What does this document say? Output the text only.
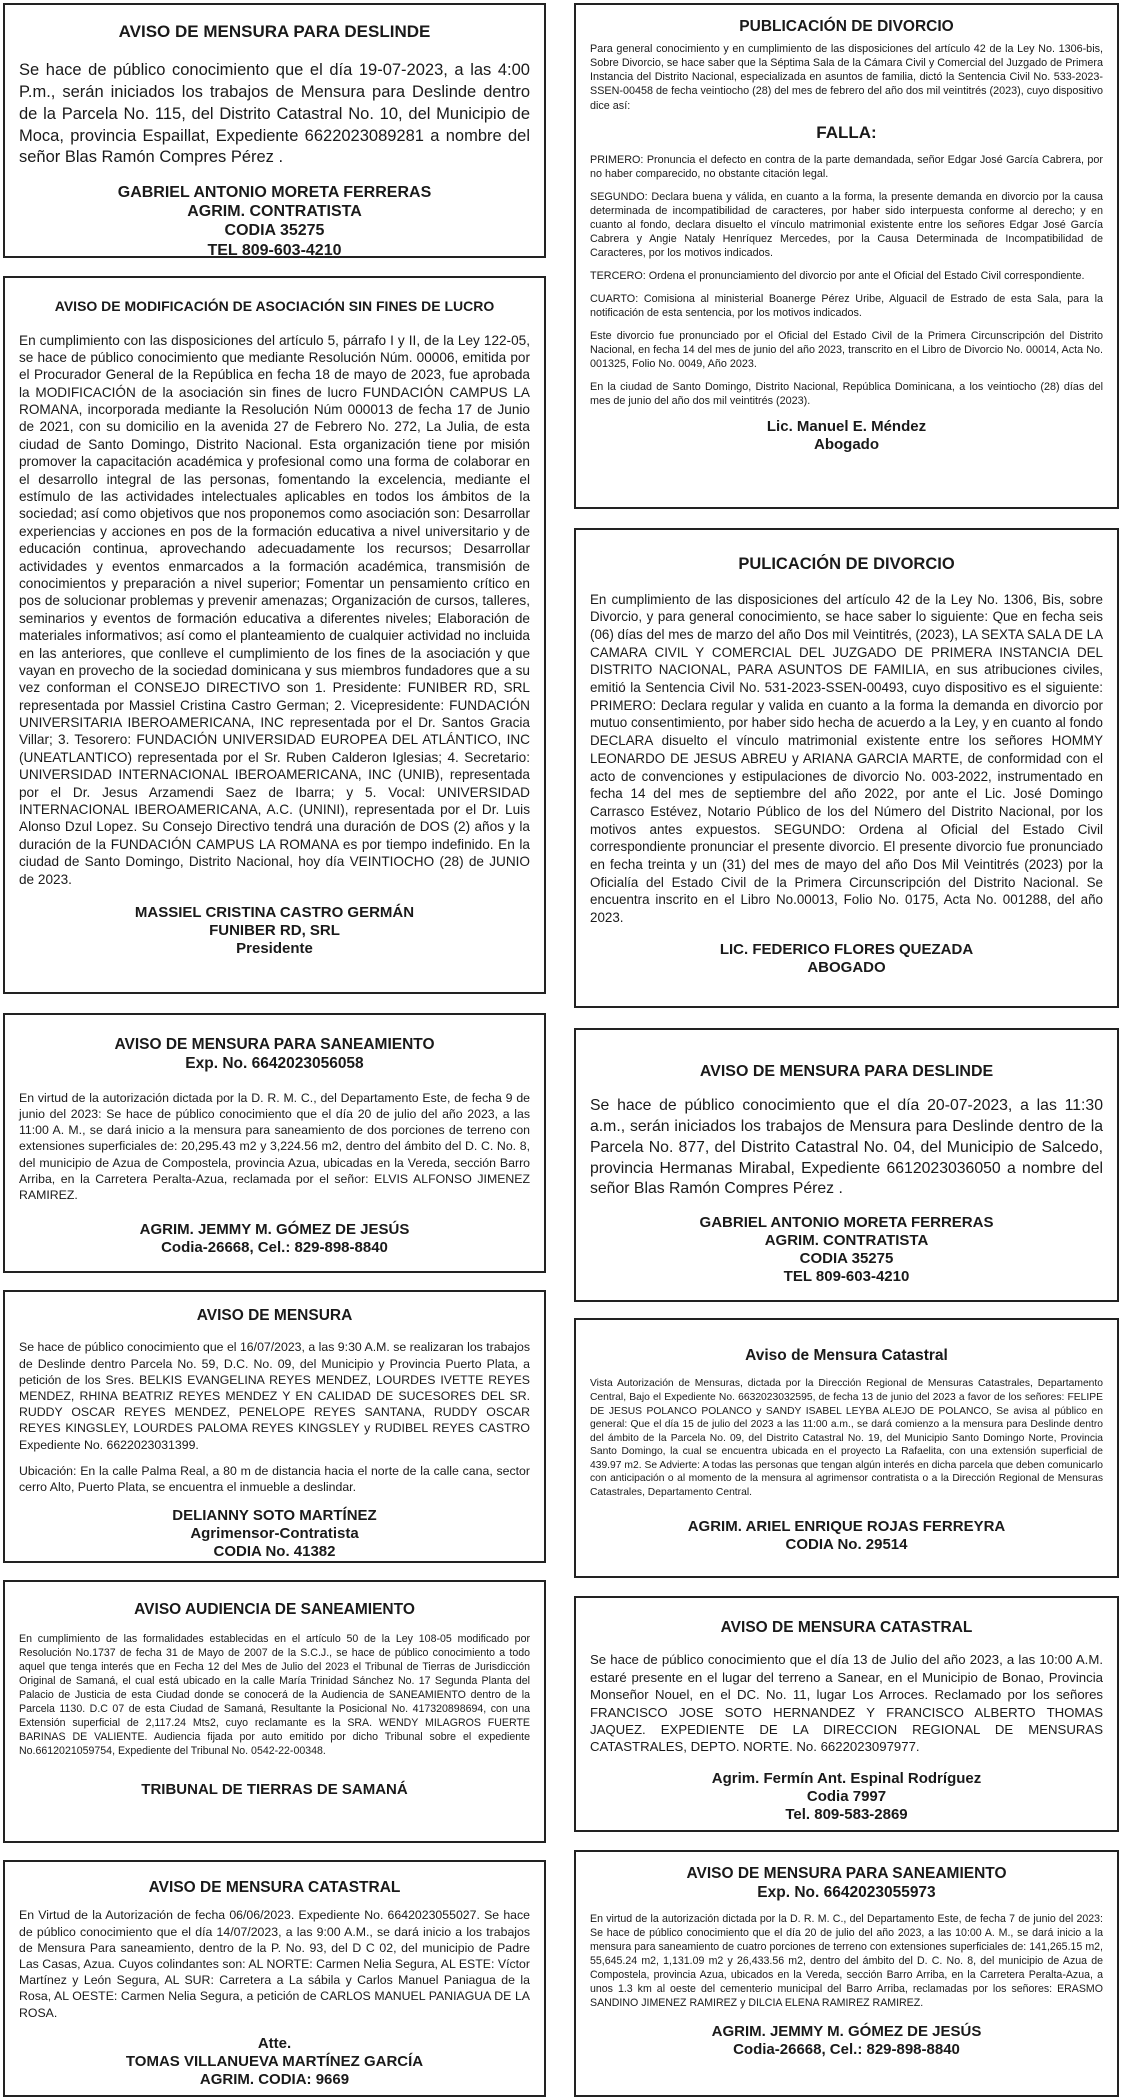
AVISO DE MENSURA PARA DESLINDE

Se hace de público conocimiento que el día 19-07-2023, a las 4:00 P.m., serán iniciados los trabajos de Mensura para Deslinde dentro de la Parcela No. 115, del Distrito Catastral No. 10, del Municipio de Moca, provincia Espaillat, Expediente 6622023089281 a nombre del señor Blas Ramón Compres Pérez .

GABRIEL ANTONIO MORETA FERRERAS
AGRIM. CONTRATISTA
CODIA 35275
TEL 809-603-4210
AVISO DE MODIFICACIÓN DE ASOCIACIÓN SIN FINES DE LUCRO

En cumplimiento con las disposiciones del artículo 5, párrafo I y II, de la Ley 122-05, se hace de público conocimiento que mediante Resolución Núm. 00006, emitida por el Procurador General de la República en fecha 18 de mayo de 2023, fue aprobada la MODIFICACIÓN de la asociación sin fines de lucro FUNDACIÓN CAMPUS LA ROMANA, incorporada mediante la Resolución Núm 000013 de fecha 17 de Junio de 2021, con su domicilio en la avenida 27 de Febrero No. 272, La Julia, de esta ciudad de Santo Domingo, Distrito Nacional. Esta organización tiene por misión promover la capacitación académica y profesional como una forma de colaborar en el desarrollo integral de las personas, fomentando la excelencia, mediante el estímulo de las actividades intelectuales aplicables en todos los ámbitos de la sociedad; así como objetivos que nos proponemos como asociación son: Desarrollar experiencias y acciones en pos de la formación educativa a nivel universitario y de educación continua, aprovechando adecuadamente los recursos; Desarrollar actividades y eventos enmarcados a la formación académica, transmisión de conocimientos y preparación a nivel superior; Fomentar un pensamiento crítico en pos de solucionar problemas y prevenir amenazas; Organización de cursos, talleres, seminarios y eventos de formación educativa a diferentes niveles; Elaboración de materiales informativos; así como el planteamiento de cualquier actividad no incluida en las anteriores, que conlleve el cumplimiento de los fines de la asociación y que vayan en provecho de la sociedad dominicana y sus miembros fundadores que a su vez conforman el CONSEJO DIRECTIVO son 1. Presidente: FUNIBER RD, SRL representada por Massiel Cristina Castro German; 2. Vicepresidente: FUNDACIÓN UNIVERSITARIA IBEROAMERICANA, INC representada por el Dr. Santos Gracia Villar; 3. Tesorero: FUNDACIÓN UNIVERSIDAD EUROPEA DEL ATLÁNTICO, INC (UNEATLANTICO) representada por el Sr. Ruben Calderon Iglesias; 4. Secretario: UNIVERSIDAD INTERNACIONAL IBEROAMERICANA, INC (UNIB), representada por el Dr. Jesus Arzamendi Saez de Ibarra; y 5. Vocal: UNIVERSIDAD INTERNACIONAL IBEROAMERICANA, A.C. (UNINI), representada por el Dr. Luis Alonso Dzul Lopez. Su Consejo Directivo tendrá una duración de DOS (2) años y la duración de la FUNDACIÓN CAMPUS LA ROMANA es por tiempo indefinido. En la ciudad de Santo Domingo, Distrito Nacional, hoy día VEINTIOCHO (28) de JUNIO de 2023.

MASSIEL CRISTINA CASTRO GERMÁN
FUNIBER RD, SRL
Presidente
AVISO DE MENSURA PARA SANEAMIENTO
Exp. No. 6642023056058

En virtud de la autorización dictada por la D. R. M. C., del Departamento Este, de fecha 9 de junio del 2023: Se hace de público conocimiento que el día 20 de julio del año 2023, a las 11:00 A. M., se dará inicio a la mensura para saneamiento de dos porciones de terreno con extensiones superficiales de: 20,295.43 m2 y 3,224.56 m2, dentro del ámbito del D. C. No. 8, del municipio de Azua de Compostela, provincia Azua, ubicadas en la Vereda, sección Barro Arriba, en la Carretera Peralta-Azua, reclamada por el señor: ELVIS ALFONSO JIMENEZ RAMIREZ.

AGRIM. JEMMY M. GÓMEZ DE JESÚS
Codia-26668, Cel.: 829-898-8840
AVISO DE MENSURA

Se hace de público conocimiento que el 16/07/2023, a las 9:30 A.M. se realizaran los trabajos de Deslinde dentro Parcela No. 59, D.C. No. 09, del Municipio y Provincia Puerto Plata, a petición de los Sres. BELKIS EVANGELINA REYES MENDEZ, LOURDES IVETTE REYES MENDEZ, RHINA BEATRIZ REYES MENDEZ Y EN CALIDAD DE SUCESORES DEL SR. RUDDY OSCAR REYES MENDEZ, PENELOPE REYES SANTANA, RUDDY OSCAR REYES KINGSLEY, LOURDES PALOMA REYES KINGSLEY y RUDIBEL REYES CASTRO Expediente No. 6622023031399.

Ubicación: En la calle Palma Real, a 80 m de distancia hacia el norte de la calle cana, sector cerro Alto, Puerto Plata, se encuentra el inmueble a deslindar.

DELIANNY SOTO MARTÍNEZ
Agrimensor-Contratista
CODIA No. 41382
AVISO AUDIENCIA DE SANEAMIENTO

En cumplimiento de las formalidades establecidas en el artículo 50 de la Ley 108-05 modificado por Resolución No.1737 de fecha 31 de Mayo de 2007 de la S.C.J., se hace de público conocimiento a todo aquel que tenga interés que en Fecha 12 del Mes de Julio del 2023 el Tribunal de Tierras de Jurisdicción Original de Samaná, el cual está ubicado en la calle María Trinidad Sánchez No. 17 Segunda Planta del Palacio de Justicia de esta Ciudad donde se conocerá de la Audiencia de SANEAMIENTO dentro de la Parcela 1130. D.C 07 de esta Ciudad de Samaná, Resultante la Posicional No. 4173208986​94, con una Extensión superficial de 2,117.24 Mts2, cuyo reclamante es la SRA. WENDY MILAGROS FUERTE BARINAS DE VALIENTE. Audiencia fijada por auto emitido por dicho Tribunal sobre el expediente No.6612021059754, Expediente del Tribunal No. 0542-22-00348.

TRIBUNAL DE TIERRAS DE SAMANÁ
AVISO DE MENSURA CATASTRAL

En Virtud de la Autorización de fecha 06/06/2023. Expediente No. 6642023055027. Se hace de público conocimiento que el día 14/07/2023, a las 9:00 A.M., se dará inicio a los trabajos de Mensura Para saneamiento, dentro de la P. No. 93, del D C 02, del municipio de Padre Las Casas, Azua. Cuyos colindantes son: AL NORTE: Carmen Nelia Segura, AL ESTE: Víctor Martínez y León Segura, AL SUR: Carretera a La sábila y Carlos Manuel Paniagua de la Rosa, AL OESTE: Carmen Nelia Segura, a petición de CARLOS MANUEL PANIAGUA DE LA ROSA.

Atte.
TOMAS VILLANUEVA MARTÍNEZ GARCÍA
AGRIM. CODIA: 9669
PUBLICACIÓN DE DIVORCIO

Para general conocimiento y en cumplimiento de las disposiciones del artículo 42 de la Ley No. 1306-bis, Sobre Divorcio, se hace saber que la Séptima Sala de la Cámara Civil y Comercial del Juzgado de Primera Instancia del Distrito Nacional, especializada en asuntos de familia, dictó la Sentencia Civil No. 533-2023-SSEN-00458 de fecha veintiocho (28) del mes de febrero del año dos mil veintitrés (2023), cuyo dispositivo dice así:

FALLA:

PRIMERO: Pronuncia el defecto en contra de la parte demandada, señor Edgar José García Cabrera, por no haber comparecido, no obstante citación legal.

SEGUNDO: Declara buena y válida, en cuanto a la forma, la presente demanda en divorcio por la causa determinada de incompatibilidad de caracteres, por haber sido interpuesta conforme al derecho; y en cuanto al fondo, declara disuelto el vínculo matrimonial existente entre los señores Edgar José García Cabrera y Angie Nataly Henríquez Mercedes, por la Causa Determinada de Incompatibilidad de Caracteres, por los motivos indicados.

TERCERO: Ordena el pronunciamiento del divorcio por ante el Oficial del Estado Civil correspondiente.

CUARTO: Comisiona al ministerial Boanerge Pérez Uribe, Alguacil de Estrado de esta Sala, para la notificación de esta sentencia, por los motivos indicados.

Este divorcio fue pronunciado por el Oficial del Estado Civil de la Primera Circunscripción del Distrito Nacional, en fecha 14 del mes de junio del año 2023, transcrito en el Libro de Divorcio No. 00014, Acta No. 001325, Folio No. 0049, Año 2023.

En la ciudad de Santo Domingo, Distrito Nacional, República Dominicana, a los veintiocho (28) días del mes de junio del año dos mil veintitrés (2023).

Lic. Manuel E. Méndez
Abogado
PULICACIÓN DE DIVORCIO

En cumplimiento de las disposiciones del artículo 42 de la Ley No. 1306, Bis, sobre Divorcio, y para general conocimiento, se hace saber lo siguiente: Que en fecha seis (06) días del mes de marzo del año Dos mil Veintitrés, (2023), LA SEXTA SALA DE LA CAMARA CIVIL Y COMERCIAL DEL JUZGADO DE PRIMERA INSTANCIA DEL DISTRITO NACIONAL, PARA ASUNTOS DE FAMILIA, en sus atribuciones civiles, emitió la Sentencia Civil No. 531-2023-SSEN-00493, cuyo dispositivo es el siguiente: PRIMERO: Declara regular y valida en cuanto a la forma la demanda en divorcio por mutuo consentimiento, por haber sido hecha de acuerdo a la Ley, y en cuanto al fondo DECLARA disuelto el vínculo matrimonial existente entre los señores HOMMY LEONARDO DE JESUS ABREU y ARIANA GARCIA MARTE, de conformidad con el acto de convenciones y estipulaciones de divorcio No. 003-2022, instrumentado en fecha 14 del mes de septiembre del año 2022, por ante el Lic. José Domingo Carrasco Estévez, Notario Público de los del Número del Distrito Nacional, por los motivos antes expuestos. SEGUNDO: Ordena al Oficial del Estado Civil correspondiente pronunciar el presente divorcio. El presente divorcio fue pronunciado en fecha treinta y un (31) del mes de mayo del año Dos Mil Veintitrés (2023) por la Oficialía del Estado Civil de la Primera Circunscripción del Distrito Nacional. Se encuentra inscrito en el Libro No.00013, Folio No. 0175, Acta No. 001288, del año 2023.

LIC. FEDERICO FLORES QUEZADA
ABOGADO
AVISO DE MENSURA PARA DESLINDE

Se hace de público conocimiento que el día 20-07-2023, a las 11:30 a.m., serán iniciados los trabajos de Mensura para Deslinde dentro de la Parcela No. 877, del Distrito Catastral No. 04, del Municipio de Salcedo, provincia Hermanas Mirabal, Expediente 6612023036050 a nombre del señor Blas Ramón Compres Pérez .

GABRIEL ANTONIO MORETA FERRERAS
AGRIM. CONTRATISTA
CODIA 35275
TEL 809-603-4210
Aviso de Mensura Catastral

Vista Autorización de Mensuras, dictada por la Dirección Regional de Mensuras Catastrales, Departamento Central, Bajo el Expediente No. 6632023032595, de fecha 13 de junio del 2023 a favor de los señores: FELIPE DE JESUS POLANCO POLANCO y SANDY ISABEL LEYBA ALEJO DE POLANCO, Se avisa al público en general: Que el día 15 de julio del 2023 a las 11:00 a.m., se dará comienzo a la mensura para Deslinde dentro del ámbito de la Parcela No. 09, del Distrito Catastral No. 19, del Municipio Santo Domingo Norte, Provincia Santo Domingo, la cual se encuentra ubicada en el proyecto La Rafaelita, con una extensión superficial de 439.97 m2. Se Advierte: A todas las personas que tengan algún interés en dicha parcela que deben comunicarlo con anticipación o al momento de la mensura al agrimensor contratista o a la Dirección Regional de Mensuras Catastrales, Departamento Central.

AGRIM. ARIEL ENRIQUE ROJAS FERREYRA
CODIA No. 29514
AVISO DE MENSURA CATASTRAL

Se hace de público conocimiento que el día 13 de Julio del año 2023, a las 10:00 A.M. estaré presente en el lugar del terreno a Sanear, en el Municipio de Bonao, Provincia Monseñor Nouel, en el DC. No. 11, lugar Los Arroces. Reclamado por los señores FRANCISCO JOSE SOTO HERNANDEZ Y FRANCISCO ALBERTO THOMAS JAQUEZ. EXPEDIENTE DE LA DIRECCION REGIONAL DE MENSURAS CATASTRALES, DEPTO. NORTE. No. 6622023097977.

Agrim. Fermín Ant. Espinal Rodríguez
Codia 7997
Tel. 809-583-2869
AVISO DE MENSURA PARA SANEAMIENTO
Exp. No. 6642023055973

En virtud de la autorización dictada por la D. R. M. C., del Departamento Este, de fecha 7 de junio del 2023: Se hace de público conocimiento que el día 20 de julio del año 2023, a las 10:00 A. M., se dará inicio a la mensura para saneamiento de cuatro porciones de terreno con extensiones superficiales de: 141,265.15 m2, 55,645.24 m2, 1,131.09 m2 y 26,433.56 m2, dentro del ámbito del D. C. No. 8, del municipio de Azua de Compostela, provincia Azua, ubicados en la Vereda, sección Barro Arriba, en la Carretera Peralta-Azua, a unos 1.3 km al oeste del cementerio municipal del Barro Arriba, reclamadas por los señores: ERASMO SANDINO JIMENEZ RAMIREZ y DILCIA ELENA RAMIREZ RAMIREZ.

AGRIM. JEMMY M. GÓMEZ DE JESÚS
Codia-26668, Cel.: 829-898-8840
